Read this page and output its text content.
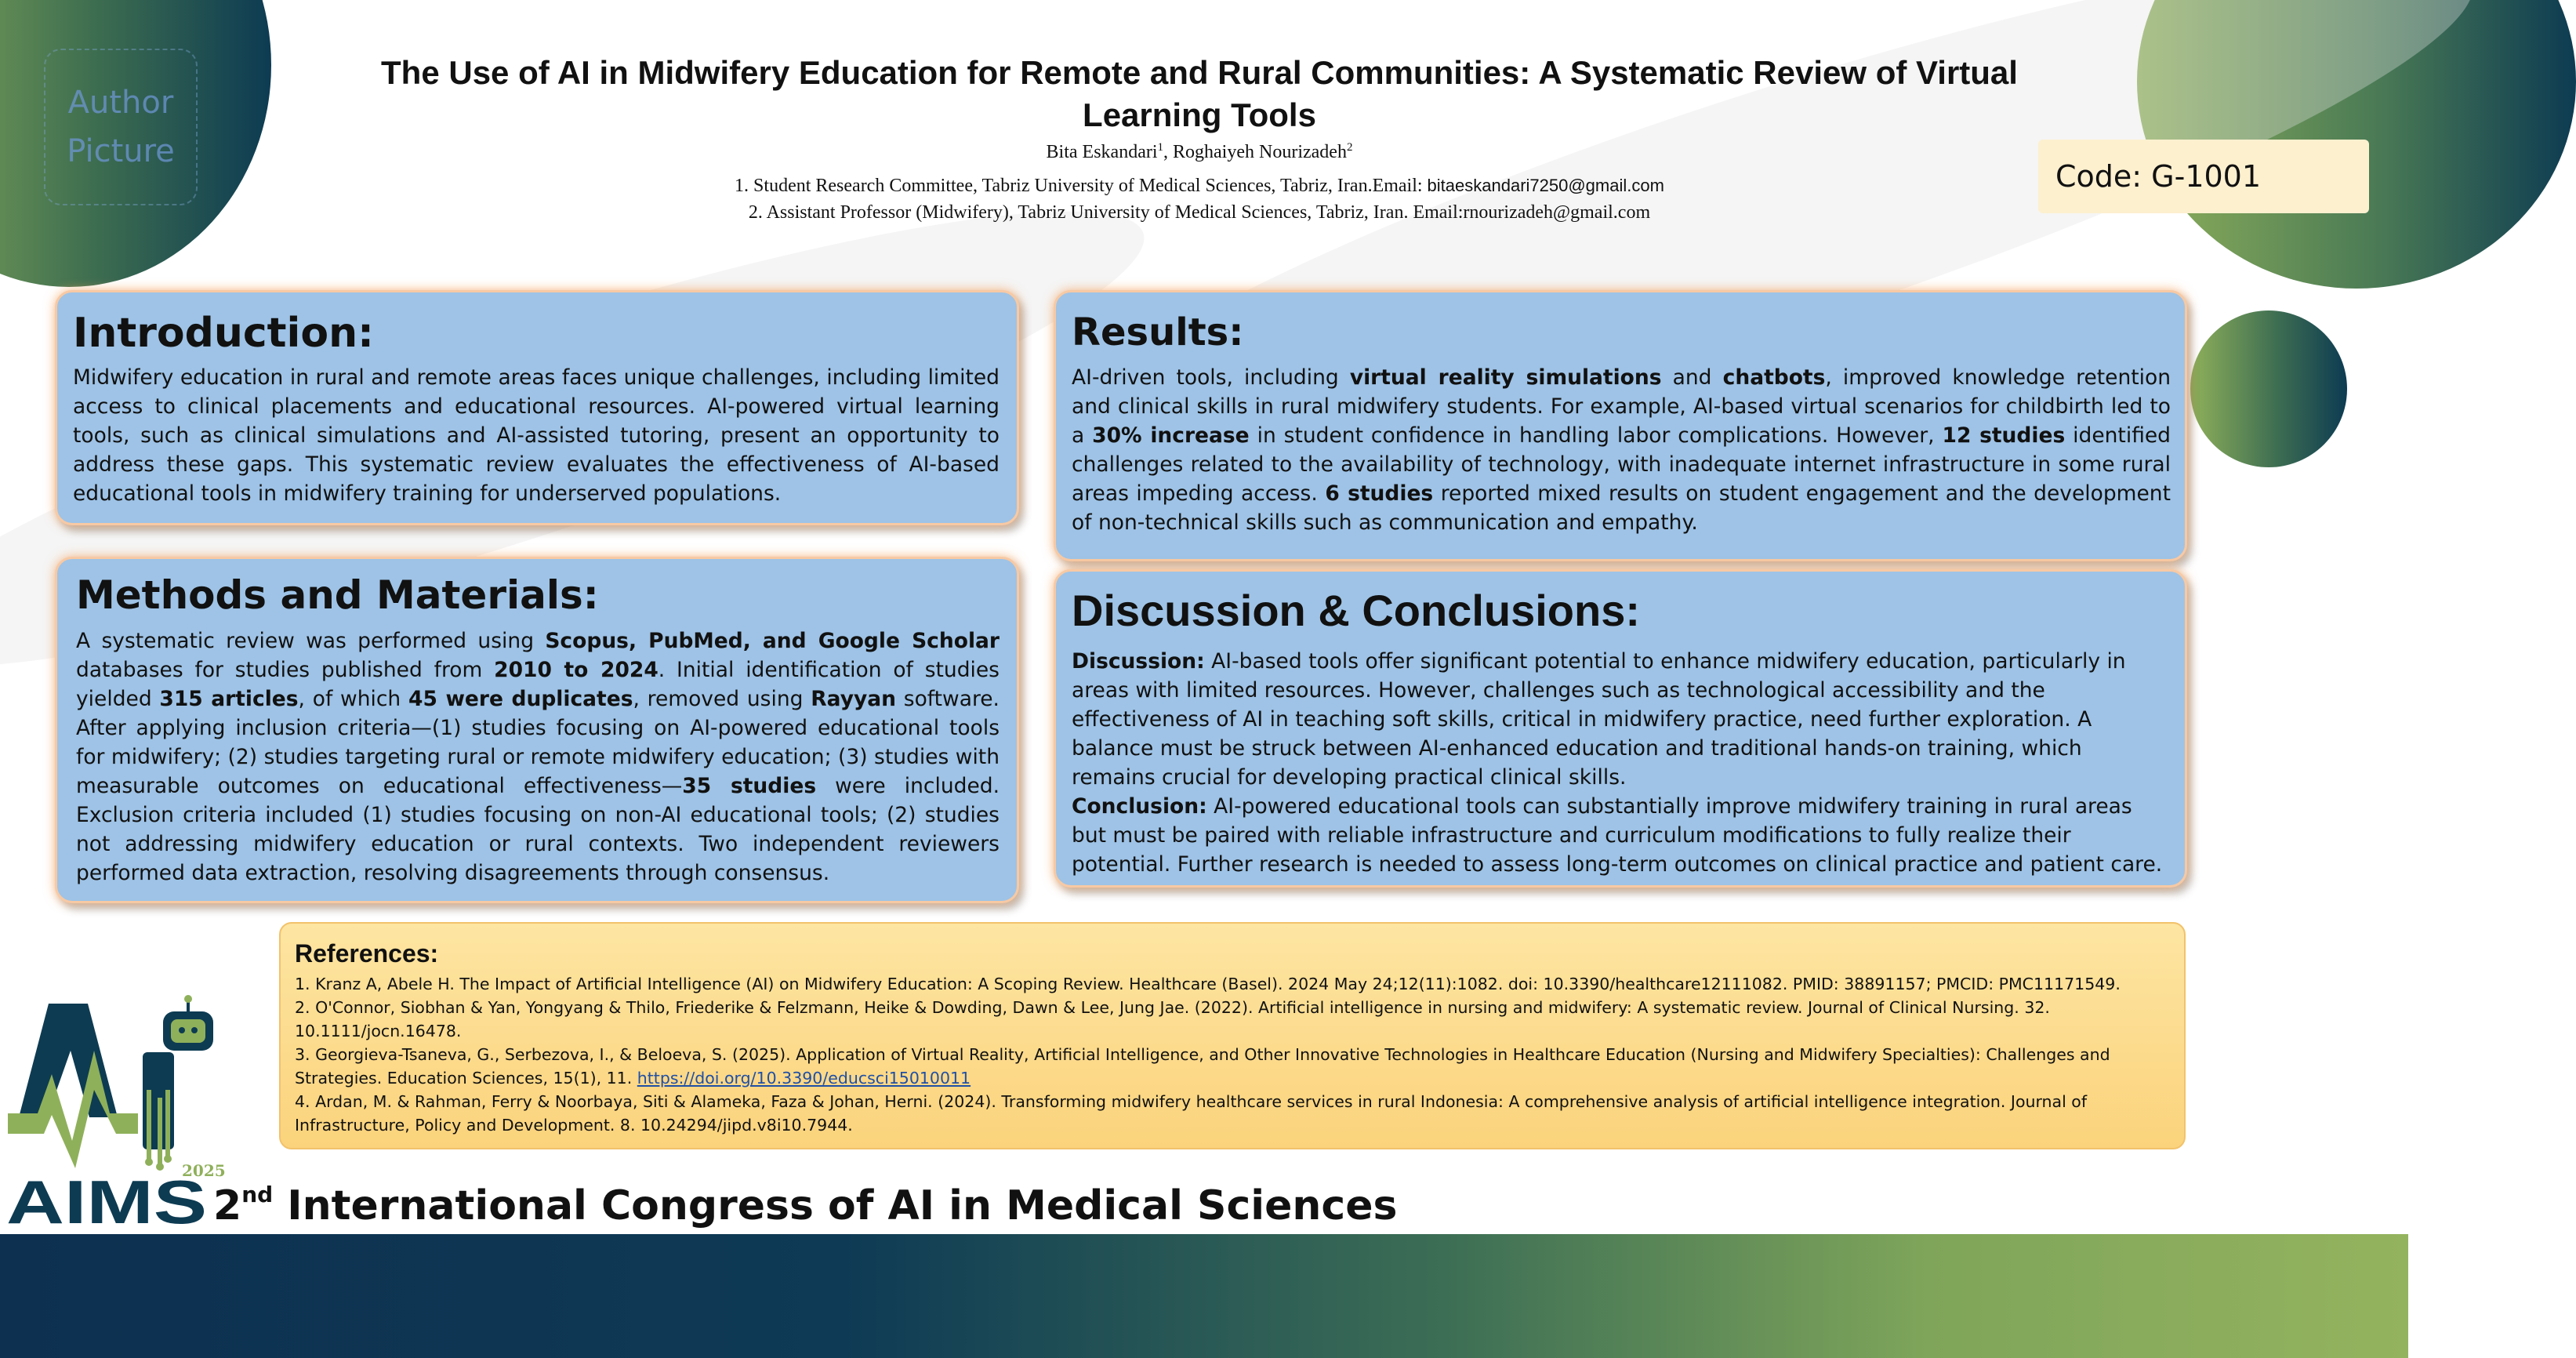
Author
Picture
The Use of AI in Midwifery Education for Remote and Rural Communities: A Systematic Review of Virtual Learning Tools
Bita Eskandari$^1$, Roghaiyeh Nourizadeh$^2$
1. Student Research Committee, Tabriz University of Medical Sciences, Tabriz, Iran.Email: bitaeskandari7250@gmail.com
2. Assistant Professor (Midwifery), Tabriz University of Medical Sciences, Tabriz, Iran. Email:rnourizadeh@gmail.com
Code: G-1001
Introduction:

Midwifery education in rural and remote areas faces unique challenges, including limited access to clinical placements and educational resources. AI-powered virtual learning tools, such as clinical simulations and AI-assisted tutoring, present an opportunity to address these gaps. This systematic review evaluates the effectiveness of AI-based educational tools in midwifery training for underserved populations.

Methods and Materials:

A systematic review was performed using Scopus, PubMed, and Google Scholar databases for studies published from 2010 to 2024. Initial identification of studies yielded 315 articles, of which 45 were duplicates, removed using Rayyan software. After applying inclusion criteria—(1) studies focusing on AI-powered educational tools for midwifery; (2) studies targeting rural or remote midwifery education; (3) studies with measurable outcomes on educational effectiveness—35 studies were included. Exclusion criteria included (1) studies focusing on non-AI educational tools; (2) studies not addressing midwifery education or rural contexts. Two independent reviewers performed data extraction, resolving disagreements through consensus.

Results:

AI-driven tools, including virtual reality simulations and chatbots, improved knowledge retention and clinical skills in rural midwifery students. For example, AI-based virtual scenarios for childbirth led to a 30% increase in student confidence in handling labor complications. However, 12 studies identified challenges related to the availability of technology, with inadequate internet infrastructure in some rural areas impeding access. 6 studies reported mixed results on student engagement and the development of non-technical skills such as communication and empathy.

Discussion & Conclusions:

Discussion: AI-based tools offer significant potential to enhance midwifery education, particularly in areas with limited resources. However, challenges such as technological accessibility and the effectiveness of AI in teaching soft skills, critical in midwifery practice, need further exploration. A balance must be struck between AI-enhanced education and traditional hands-on training, which remains crucial for developing practical clinical skills.
Conclusion: AI-powered educational tools can substantially improve midwifery training in rural areas but must be paired with reliable infrastructure and curriculum modifications to fully realize their potential. Further research is needed to assess long-term outcomes on clinical practice and patient care.

References:

1. Kranz A, Abele H. The Impact of Artificial Intelligence (AI) on Midwifery Education: A Scoping Review. Healthcare (Basel). 2024 May 24;12(11):1082. doi: 10.3390/healthcare12111082. PMID: 38891157; PMCID: PMC11171549.

2. O'Connor, Siobhan & Yan, Yongyang & Thilo, Friederike & Felzmann, Heike & Dowding, Dawn & Lee, Jung Jae. (2022). Artificial intelligence in nursing and midwifery: A systematic review. Journal of Clinical Nursing. 32. 10.1111/jocn.16478.

3. Georgieva-Tsaneva, G., Serbezova, I., & Beloeva, S. (2025). Application of Virtual Reality, Artificial Intelligence, and Other Innovative Technologies in Healthcare Education (Nursing and Midwifery Specialties): Challenges and Strategies. Education Sciences, 15(1), 11. https://doi.org/10.3390/educsci15010011

4. Ardan, M. & Rahman, Ferry & Noorbaya, Siti & Alameka, Faza & Johan, Herni. (2024). Transforming midwifery healthcare services in rural Indonesia: A comprehensive analysis of artificial intelligence integration. Journal of Infrastructure, Policy and Development. 8. 10.24294/jipd.v8i10.7944.

2025
AIMS 2nd International Congress of AI in Medical Sciences
